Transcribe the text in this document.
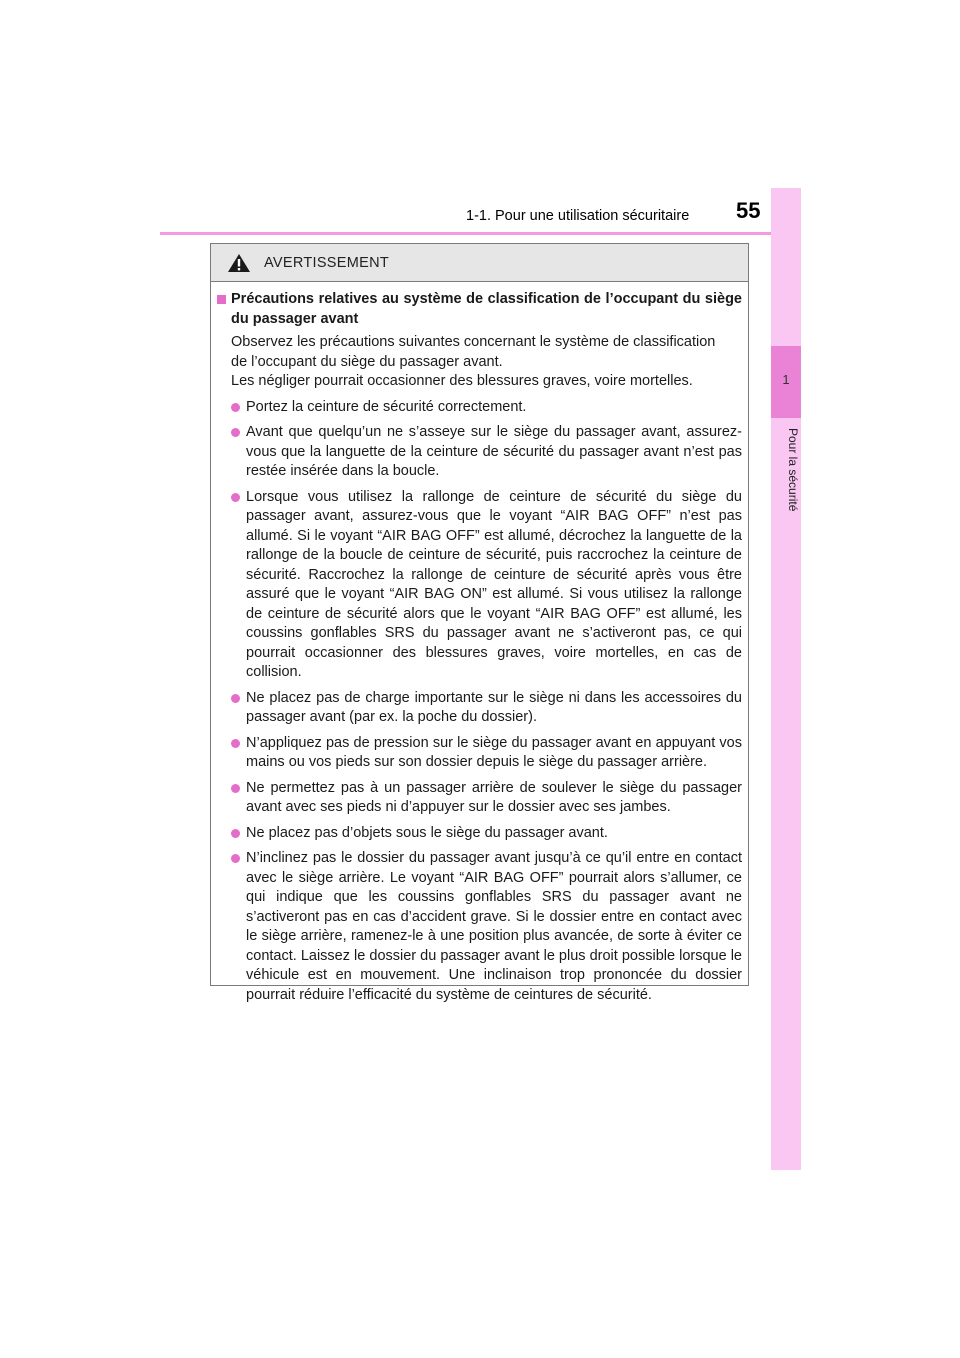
55
1-1. Pour une utilisation sécuritaire
1
Pour la sécurité
AVERTISSEMENT
Précautions relatives au système de classification de l’occupant du siège du passager avant
Observez les précautions suivantes concernant le système de classification
de l’occupant du siège du passager avant.
Les négliger pourrait occasionner des blessures graves, voire mortelles.
Portez la ceinture de sécurité correctement.
Avant que quelqu’un ne s’asseye sur le siège du passager avant, assurez-vous que la languette de la ceinture de sécurité du passager avant n’est pas restée insérée dans la boucle.
Lorsque vous utilisez la rallonge de ceinture de sécurité du siège du passager avant, assurez-vous que le voyant “AIR BAG OFF” n’est pas allumé. Si le voyant “AIR BAG OFF” est allumé, décrochez la languette de la rallonge de la boucle de ceinture de sécurité, puis raccrochez la ceinture de sécurité. Raccrochez la rallonge de ceinture de sécurité après vous être assuré que le voyant “AIR BAG ON” est allumé. Si vous utilisez la rallonge de ceinture de sécurité alors que le voyant “AIR BAG OFF” est allumé, les coussins gonflables SRS du passager avant ne s’activeront pas, ce qui pourrait occasionner des blessures graves, voire mortelles, en cas de collision.
Ne placez pas de charge importante sur le siège ni dans les accessoires du passager avant (par ex. la poche du dossier).
N’appliquez pas de pression sur le siège du passager avant en appuyant vos mains ou vos pieds sur son dossier depuis le siège du passager arrière.
Ne permettez pas à un passager arrière de soulever le siège du passager avant avec ses pieds ni d’appuyer sur le dossier avec ses jambes.
Ne placez pas d’objets sous le siège du passager avant.
N’inclinez pas le dossier du passager avant jusqu’à ce qu’il entre en contact avec le siège arrière. Le voyant “AIR BAG OFF” pourrait alors s’allumer, ce qui indique que les coussins gonflables SRS du passager avant ne s’activeront pas en cas d’accident grave. Si le dossier entre en contact avec le siège arrière, ramenez-le à une position plus avancée, de sorte à éviter ce contact. Laissez le dossier du passager avant le plus droit possible lorsque le véhicule est en mouvement. Une inclinaison trop prononcée du dossier pourrait réduire l’efficacité du système de ceintures de sécurité.
